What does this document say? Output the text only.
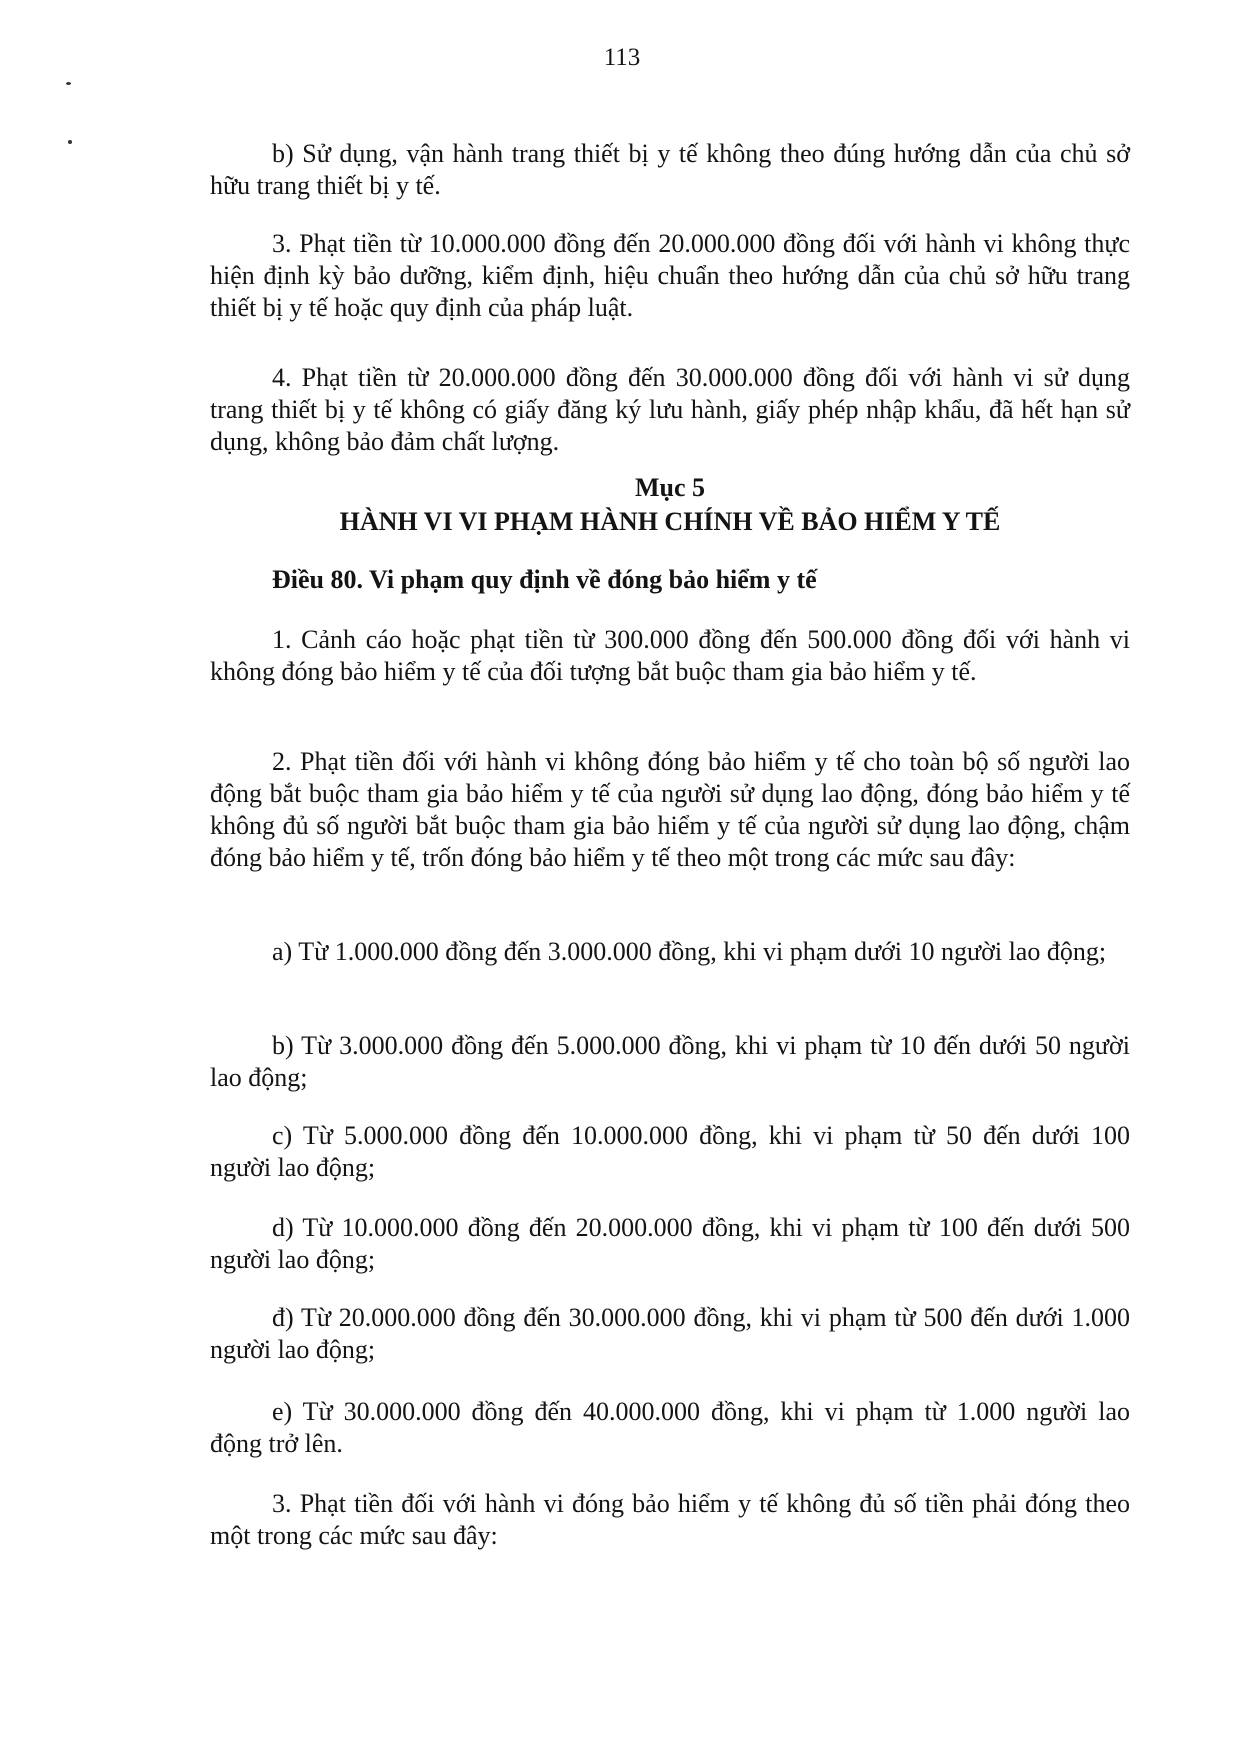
113

b) Sử dụng, vận hành trang thiết bị y tế không theo đúng hướng dẫn của chủ sở hữu trang thiết bị y tế.

3. Phạt tiền từ 10.000.000 đồng đến 20.000.000 đồng đối với hành vi không thực hiện định kỳ bảo dưỡng, kiểm định, hiệu chuẩn theo hướng dẫn của chủ sở hữu trang thiết bị y tế hoặc quy định của pháp luật.

4. Phạt tiền từ 20.000.000 đồng đến 30.000.000 đồng đối với hành vi sử dụng trang thiết bị y tế không có giấy đăng ký lưu hành, giấy phép nhập khẩu, đã hết hạn sử dụng, không bảo đảm chất lượng.

Mục 5
HÀNH VI VI PHẠM HÀNH CHÍNH VỀ BẢO HIỂM Y TẾ
Điều 80. Vi phạm quy định về đóng bảo hiểm y tế

1. Cảnh cáo hoặc phạt tiền từ 300.000 đồng đến 500.000 đồng đối với hành vi không đóng bảo hiểm y tế của đối tượng bắt buộc tham gia bảo hiểm y tế.

2. Phạt tiền đối với hành vi không đóng bảo hiểm y tế cho toàn bộ số người lao động bắt buộc tham gia bảo hiểm y tế của người sử dụng lao động, đóng bảo hiểm y tế không đủ số người bắt buộc tham gia bảo hiểm y tế của người sử dụng lao động, chậm đóng bảo hiểm y tế, trốn đóng bảo hiểm y tế theo một trong các mức sau đây:

a) Từ 1.000.000 đồng đến 3.000.000 đồng, khi vi phạm dưới 10 người lao động;

b) Từ 3.000.000 đồng đến 5.000.000 đồng, khi vi phạm từ 10 đến dưới 50 người lao động;

c) Từ 5.000.000 đồng đến 10.000.000 đồng, khi vi phạm từ 50 đến dưới 100 người lao động;

d) Từ 10.000.000 đồng đến 20.000.000 đồng, khi vi phạm từ 100 đến dưới 500 người lao động;

đ) Từ 20.000.000 đồng đến 30.000.000 đồng, khi vi phạm từ 500 đến dưới 1.000 người lao động;

e) Từ 30.000.000 đồng đến 40.000.000 đồng, khi vi phạm từ 1.000 người lao động trở lên.

3. Phạt tiền đối với hành vi đóng bảo hiểm y tế không đủ số tiền phải đóng theo một trong các mức sau đây:
